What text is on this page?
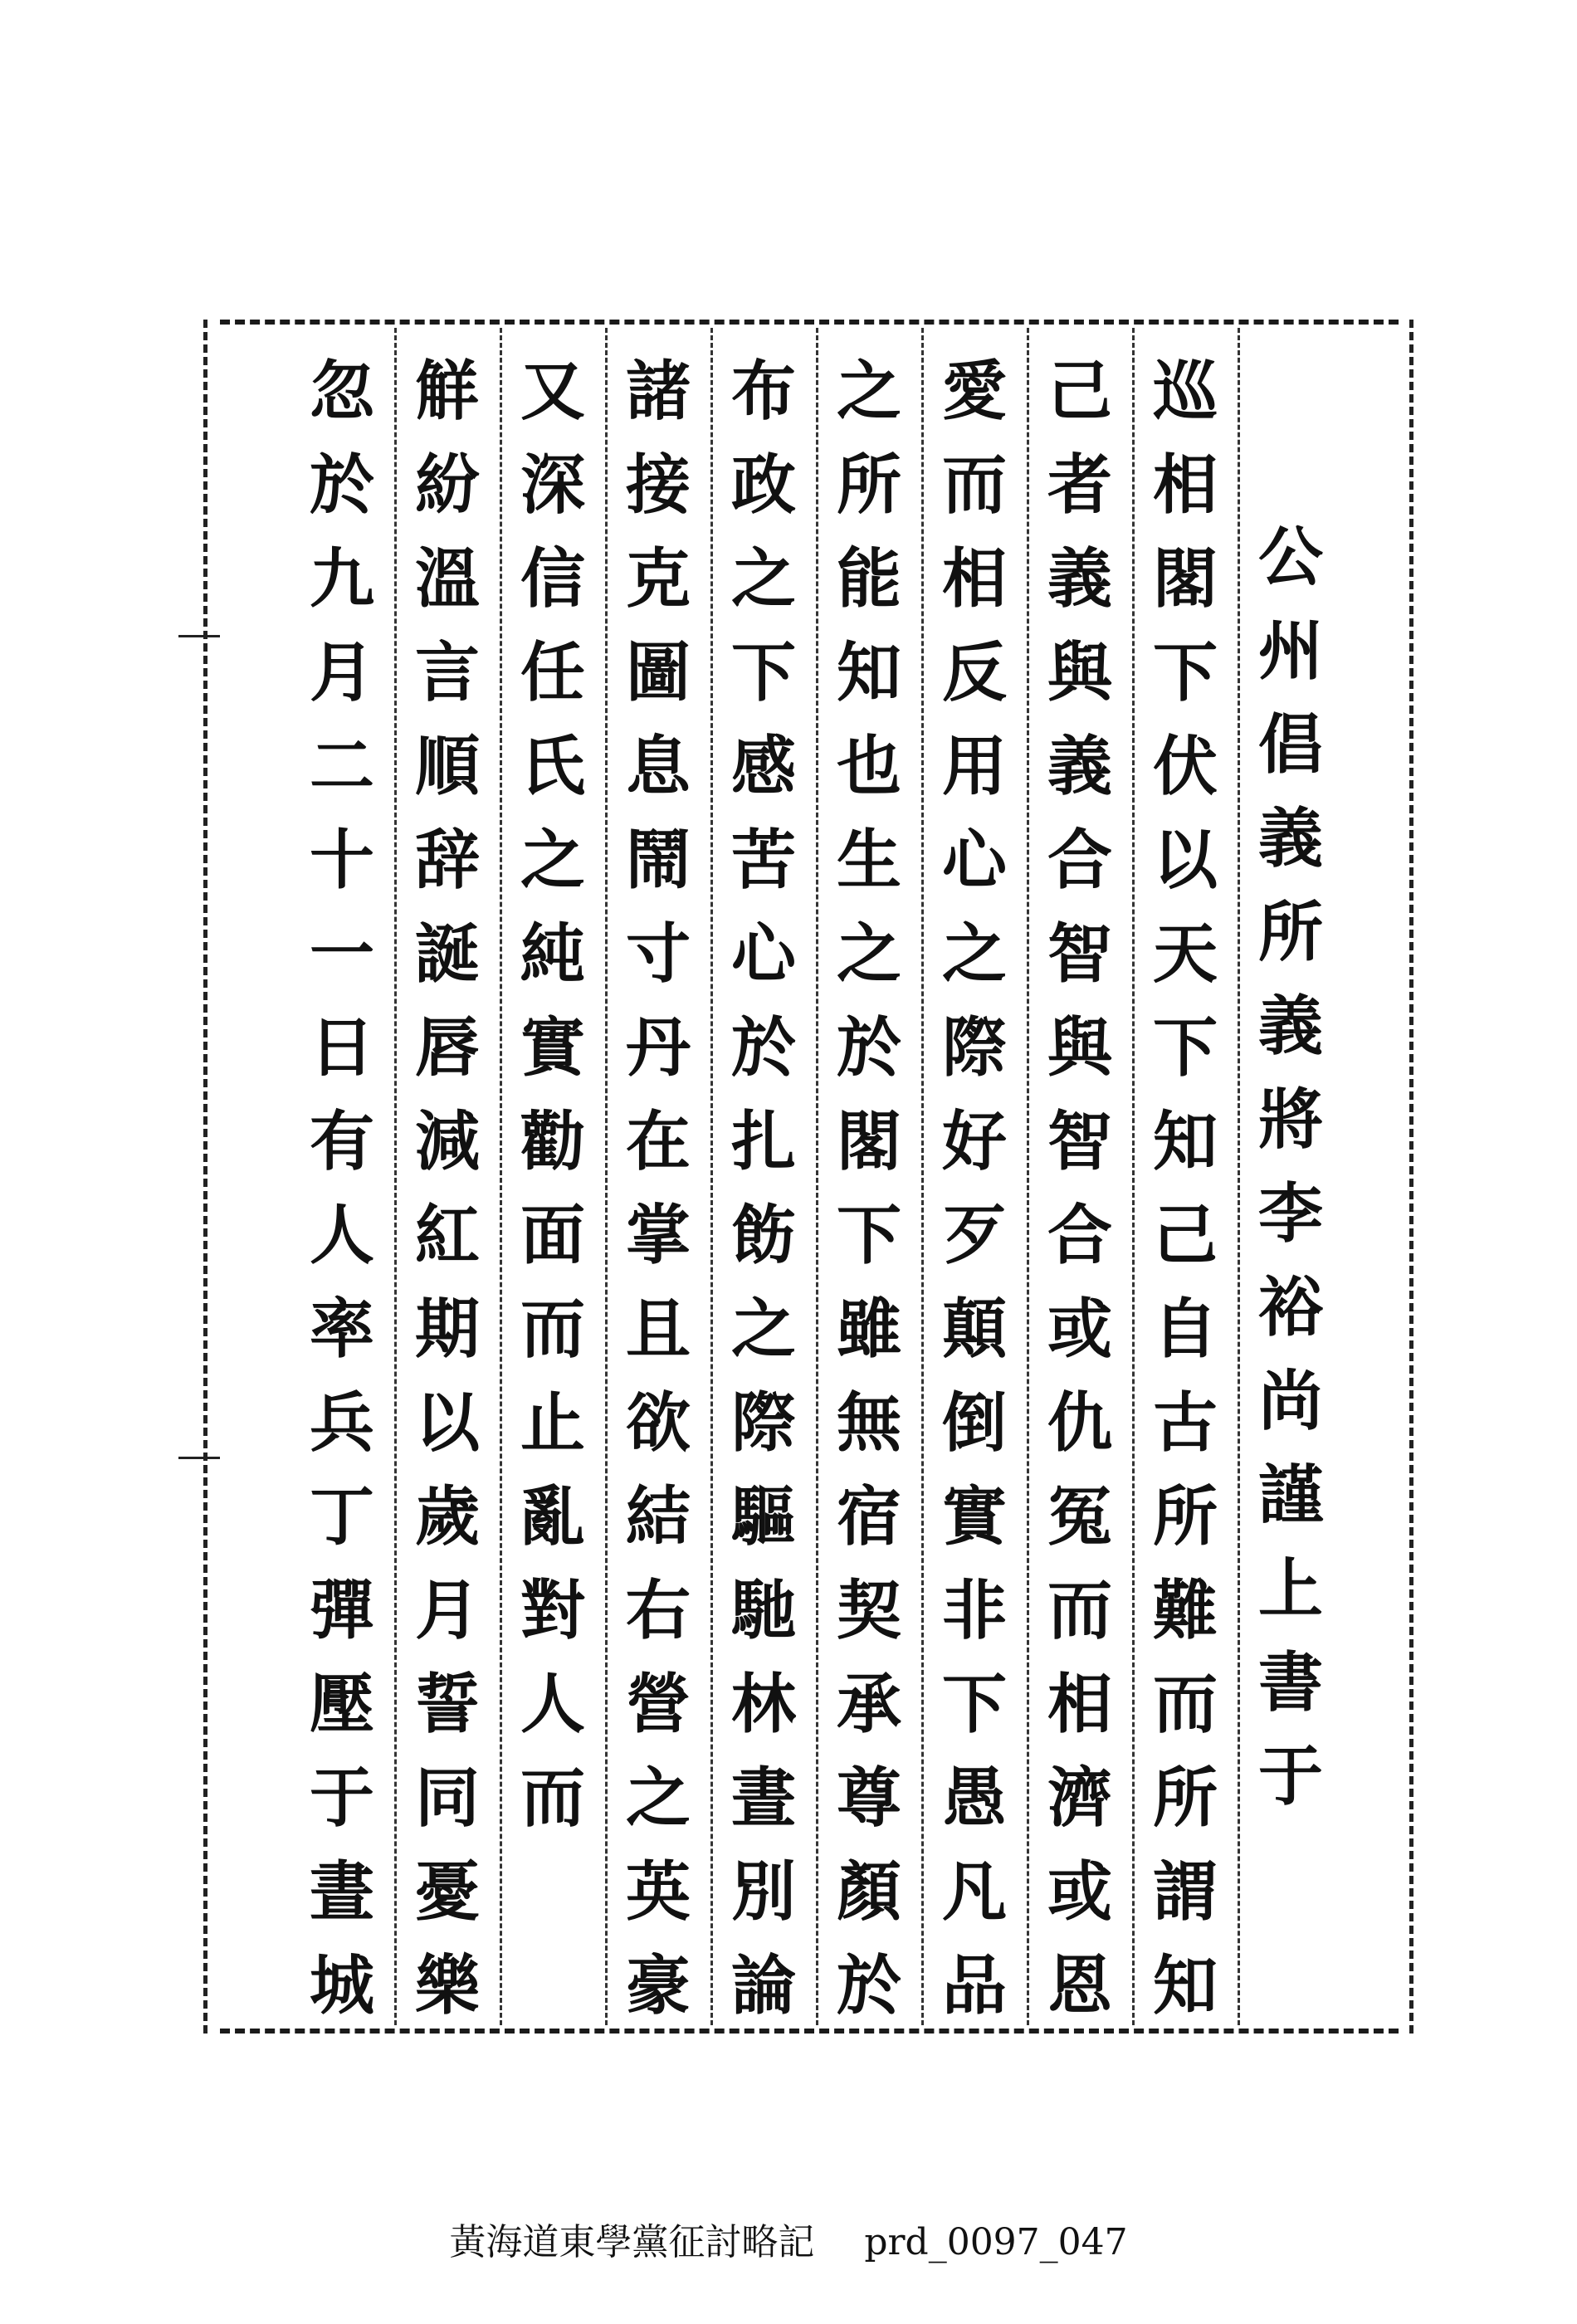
公
州
倡
義
所
義
將
李
裕
尚
謹
上
書
于
巡
相
閣
下
伏
以
天
下
知
己
自
古
所
難
而
所
謂
知
己
者
義
與
義
合
智
與
智
合
或
仇
冤
而
相
濟
或
恩
愛
而
相
反
用
心
之
際
好
歹
顛
倒
實
非
下
愚
凡
品
之
所
能
知
也
生
之
於
閣
下
雖
無
宿
契
承
尊
顏
於
布
政
之
下
感
苦
心
於
扎
飭
之
際
驅
馳
林
晝
別
論
諸
接
克
圖
息
鬧
寸
丹
在
掌
且
欲
結
右
營
之
英
豪
又
深
信
任
氏
之
純
實
勸
面
而
止
亂
對
人
而
觧
紛
溫
言
順
辞
誕
唇
減
紅
期
以
歲
月
誓
同
憂
樂
忽
於
九
月
二
十
一
日
有
人
率
兵
丁
彈
壓
于
晝
城
黃海道東學黨征討略記 prd_0097_047
